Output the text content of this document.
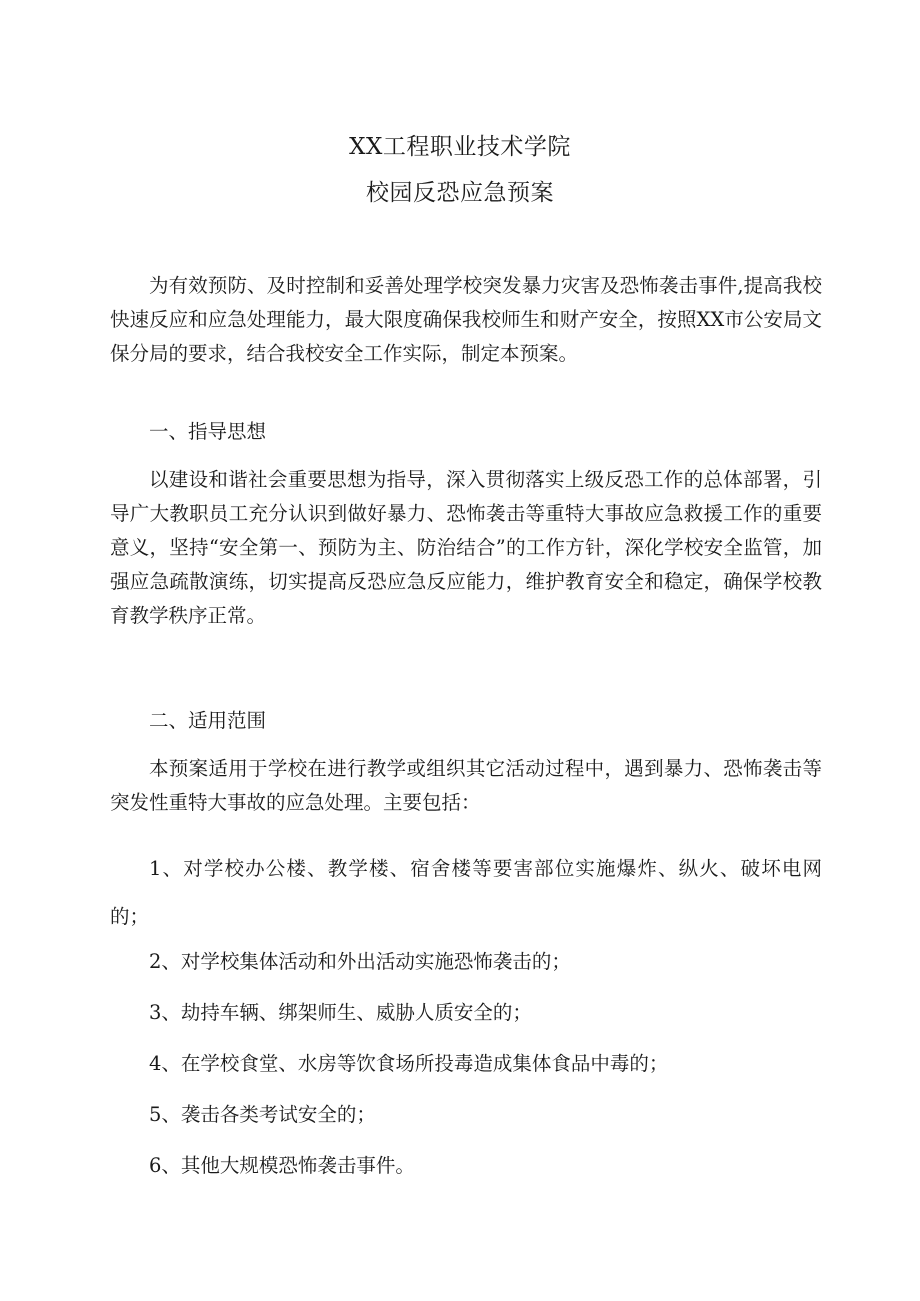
XX工程职业技术学院
校园反恐应急预案

为有效预防、及时控制和妥善处理学校突发暴力灾害及恐怖袭击事件,提高我校快速反应和应急处理能力，最大限度确保我校师生和财产安全，按照XX市公安局文保分局的要求，结合我校安全工作实际，制定本预案。

一、指导思想

以建设和谐社会重要思想为指导，深入贯彻落实上级反恐工作的总体部署，引导广大教职员工充分认识到做好暴力、恐怖袭击等重特大事故应急救援工作的重要意义，坚持“安全第一、预防为主、防治结合”的工作方针，深化学校安全监管，加强应急疏散演练，切实提高反恐应急反应能力，维护教育安全和稳定，确保学校教育教学秩序正常。

二、适用范围

本预案适用于学校在进行教学或组织其它活动过程中，遇到暴力、恐怖袭击等突发性重特大事故的应急处理。主要包括：

1、对学校办公楼、教学楼、宿舍楼等要害部位实施爆炸、纵火、破坏电网的；

2、对学校集体活动和外出活动实施恐怖袭击的；

3、劫持车辆、绑架师生、威胁人质安全的；

4、在学校食堂、水房等饮食场所投毒造成集体食品中毒的；

5、袭击各类考试安全的；

6、其他大规模恐怖袭击事件。
